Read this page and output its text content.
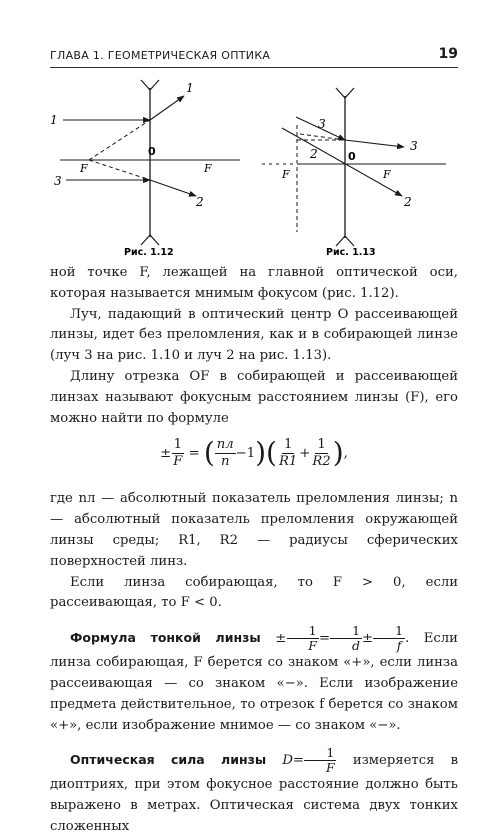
ГЛАВА 1. ГЕОМЕТРИЧЕСКАЯ ОПТИКА	19
1
1
3
2
0
F	F
Рис. 1.12
3
3
2
2
0
F	F
Рис. 1.13

ной точке F, лежащей на главной оптической оси, которая называется мнимым фокусом (рис. 1.12).

Луч, падающий в оптический центр O рассеивающей линзы, идет без преломления, как и в собирающей линзе (луч 3 на рис. 1.10 и луч 2 на рис. 1.13).

Длину отрезка OF в собирающей и рассеивающей линзах называют фокусным расстоянием линзы (F), его можно найти по формуле

± $\frac{1}{F}$ = ( $\frac{nл}{n} -1)( \frac{1}{R1} + \frac{1}{R2}$ ),

где nл — абсолютный показатель преломления линзы; n — абсолютный показатель преломления окружающей линзы среды; R1, R2 — радиусы сферических поверхностей линз.

Если линза собирающая, то F > 0, если рассеивающая, то F < 0.

Формула тонкой линзы ± $\frac{1}{F} = \frac{1}{d} \pm \frac{1}{f}$ . Если линза собирающая, F берется со знаком «+», если линза рассеивающая — со знаком «−». Если изображение предмета действительное, то отрезок f берется со знаком «+», если изображение мнимое — со знаком «−».

Оптическая сила линзы $D= \frac{1}{F}$ измеряется в диоптриях, при этом фокусное расстояние должно быть выражено в метрах. Оптическая система двух тонких сложенных
